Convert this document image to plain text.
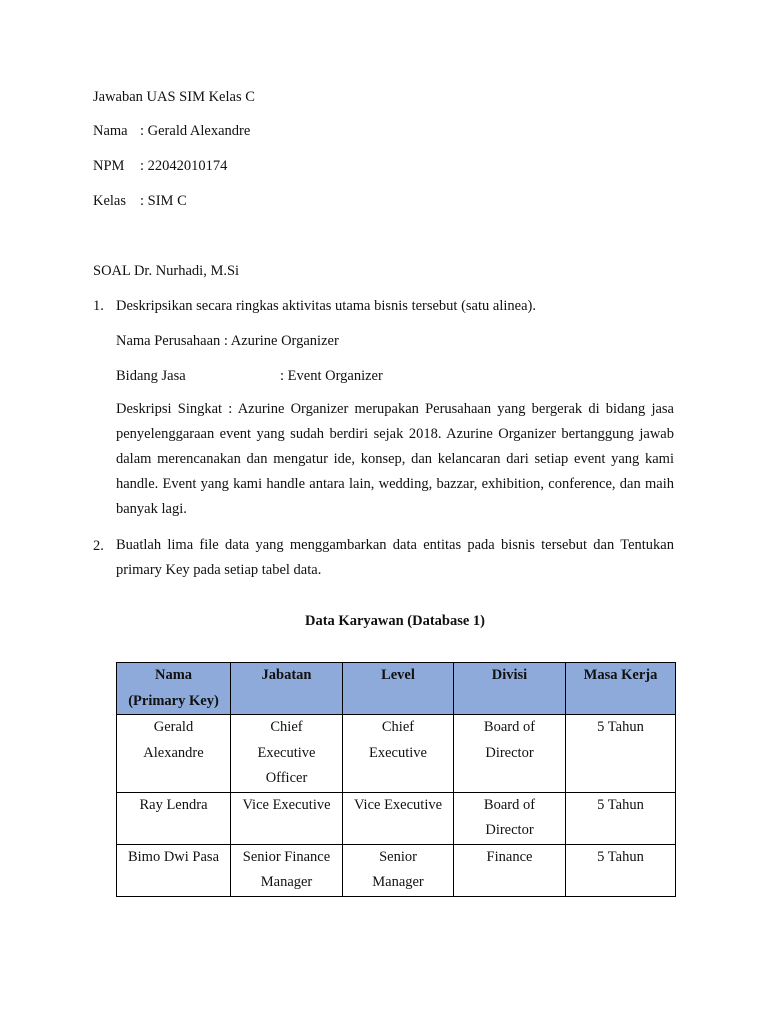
Jawaban UAS SIM Kelas C
Nama : Gerald Alexandre
NPM : 22042010174
Kelas : SIM C
SOAL Dr. Nurhadi, M.Si
1. Deskripsikan secara ringkas aktivitas utama bisnis tersebut (satu alinea).
Nama Perusahaan : Azurine Organizer
Bidang Jasa	: Event Organizer

Deskripsi Singkat : Azurine Organizer merupakan Perusahaan yang bergerak di bidang jasa penyelenggaraan event yang sudah berdiri sejak 2018. Azurine Organizer bertanggung jawab dalam merencanakan dan mengatur ide, konsep, dan kelancaran dari setiap event yang kami handle. Event yang kami handle antara lain, wedding, bazzar, exhibition, conference, dan maih banyak lagi.

2. Buatlah lima file data yang menggambarkan data entitas pada bisnis tersebut dan Tentukan primary Key pada setiap tabel data.

Data Karyawan (Database 1)
Nama
(Primary Key)	Jabatan	Level	Divisi	Masa Kerja
Gerald Alexandre	Chief Executive Officer	Chief Executive	Board of Director	5 Tahun
Ray Lendra	Vice Executive	Vice Executive	Board of Director	5 Tahun
Bimo Dwi Pasa	Senior Finance Manager	Senior Manager	Finance	5 Tahun
